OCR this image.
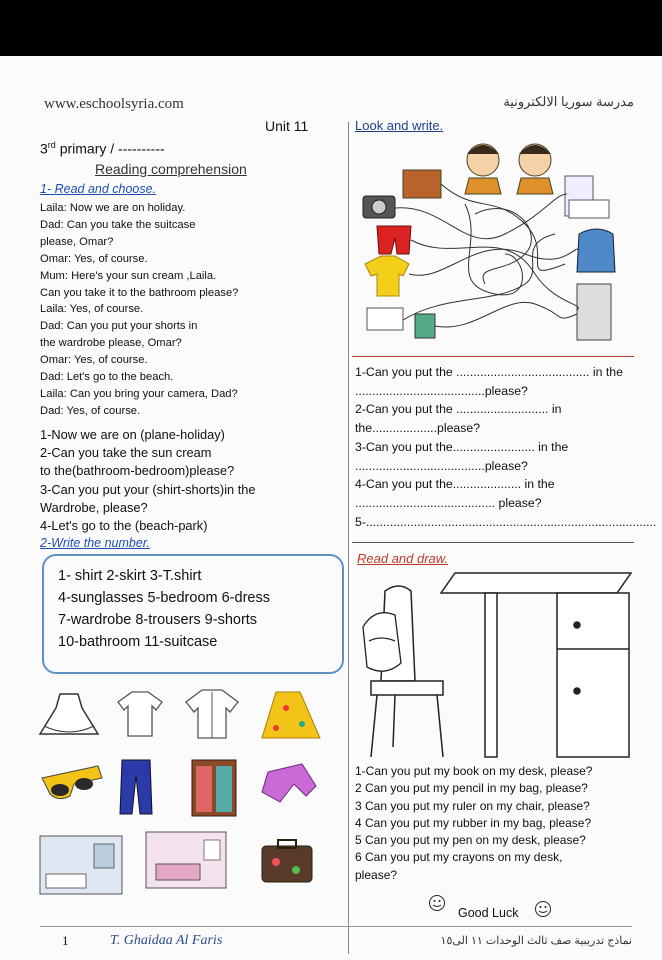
www.eschoolsyria.com	مدرسة سوريا الالكترونية
Unit 11	Look and write.
3rd primary / ----------
Reading comprehension
1- Read and choose.
Laila: Now we are on holiday.
Dad: Can you take the suitcase
please, Omar?
Omar: Yes, of course.
Mum: Here's your sun cream ,Laila.
Can you take it to the bathroom please?
Laila: Yes, of course.
Dad: Can you put your shorts in
the wardrobe please, Omar?
Omar: Yes, of course.
Dad: Let's go to the beach.
Laila: Can you bring your camera, Dad?
Dad: Yes, of course.
1-Now we are on (plane-holiday)
2-Can you take the sun cream
to the(bathroom-bedroom)please?
3-Can you put your (shirt-shorts)in the
Wardrobe, please?
4-Let's go to the (beach-park)
2-Write the number.
1- shirt 2-skirt 3-T.shirt
4-sunglasses 5-bedroom 6-dress
7-wardrobe 8-trousers 9-shorts
10-bathroom 11-suitcase
1-Can you put the ....................................... in the
......................................please?
2-Can you put the ........................... in
the...................please?
3-Can you put the........................ in the
......................................please?
4-Can you put the.................... in the
......................................... please?
5-.....................................................................................
Read and draw.
1-Can you put my book on my desk, please?
2 Can you put my pencil in my bag, please?
3 Can you put my ruler on my chair, please?
4 Can you put my rubber in my bag, please?
5 Can you put my pen on my desk, please?
6 Can you put my crayons on my desk,
please?
Good Luck
1	T. Ghaidaa Al Faris	نماذج تدريبية صف ثالث الوحدات ١١ الى١٥
